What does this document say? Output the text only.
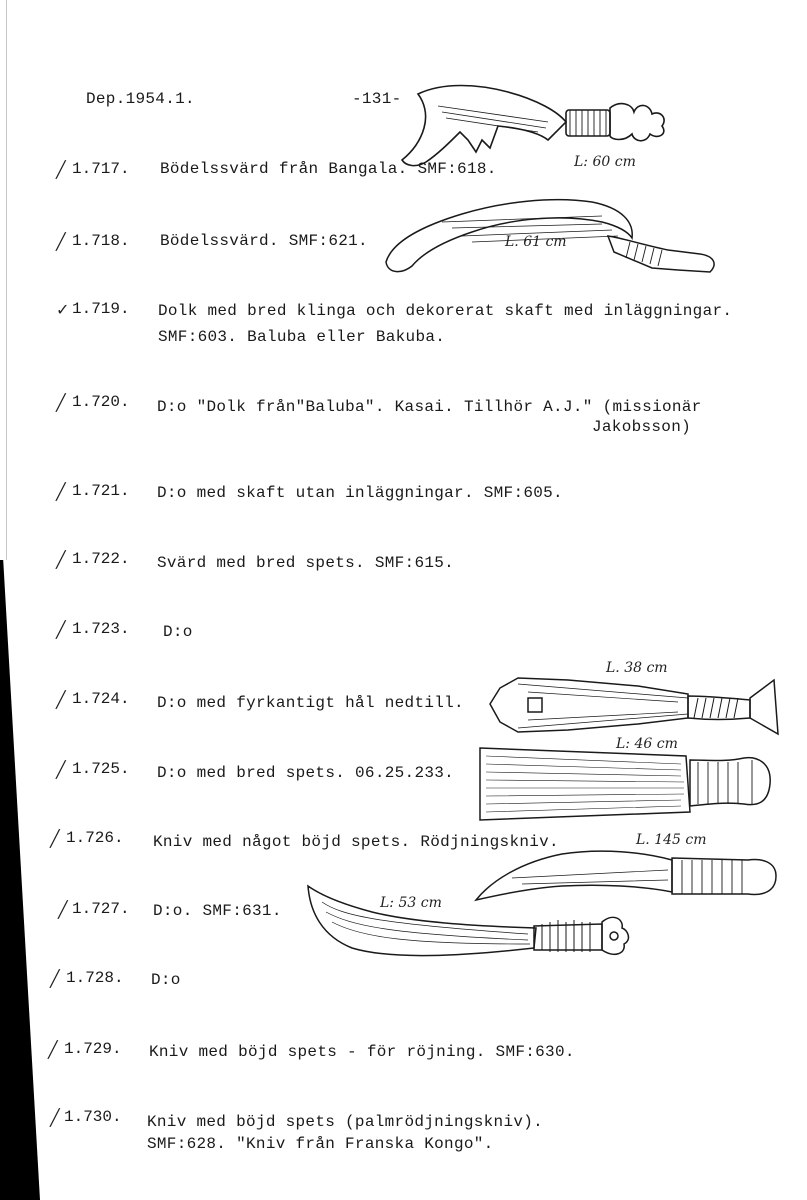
Dep.1954.1.	-131-
╱ 1.717. Bödelssvärd från Bangala. SMF:618.
╱ 1.718. Bödelssvärd. SMF:621.
✓ 1.719. Dolk med bred klinga och dekorerat skaft med inläggningar.
SMF:603. Baluba eller Bakuba.
╱ 1.720. D:o "Dolk från"Baluba". Kasai. Tillhör A.J." (missionär
Jakobsson)
╱ 1.721. D:o med skaft utan inläggningar. SMF:605.
╱ 1.722. Svärd med bred spets. SMF:615.
╱ 1.723. D:o
╱ 1.724. D:o med fyrkantigt hål nedtill.
╱ 1.725. D:o med bred spets. 06.25.233.
╱ 1.726. Kniv med något böjd spets. Rödjningskniv.
╱ 1.727. D:o. SMF:631.
╱ 1.728. D:o
╱ 1.729. Kniv med böjd spets - för röjning. SMF:630.
╱ 1.730. Kniv med böjd spets (palmrödjningskniv).
SMF:628. "Kniv från Franska Kongo".
L: 60 cm
L. 61 cm
L. 38 cm
L: 46 cm
L. 145 cm
L: 53 cm
